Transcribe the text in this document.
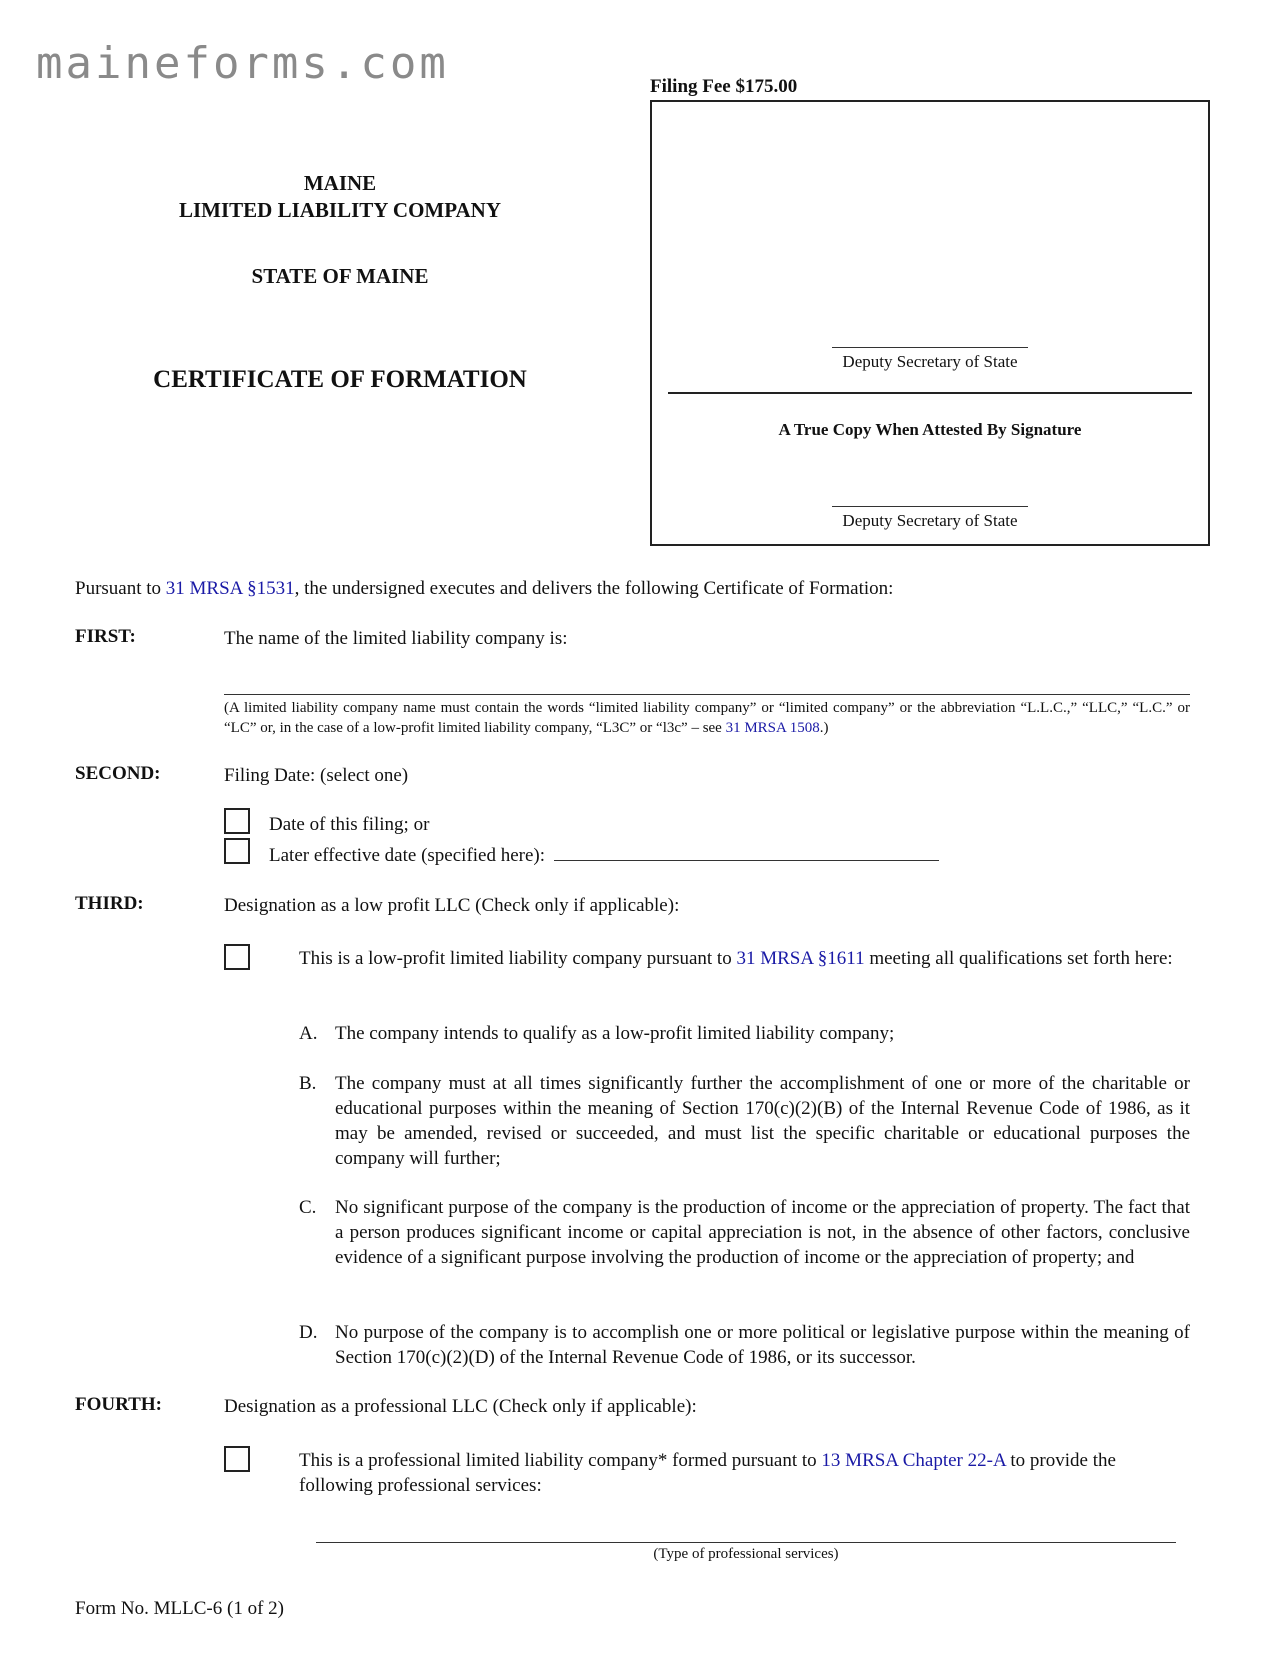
maineforms.com	Filing Fee $175.00
Deputy Secretary of State
A True Copy When Attested By Signature
Deputy Secretary of State
MAINE
LIMITED LIABILITY COMPANY
STATE OF MAINE
CERTIFICATE OF FORMATION
Pursuant to 31 MRSA §1531, the undersigned executes and delivers the following Certificate of Formation:
FIRST:	The name of the limited liability company is:
(A limited liability company name must contain the words “limited liability company” or “limited company” or the abbreviation “L.L.C.,” “LLC,” “L.C.” or “LC” or, in the case of a low-profit limited liability company, “L3C” or “l3c” – see 31 MRSA 1508.)
SECOND:	Filing Date: (select one)
Date of this filing; or
Later effective date (specified here):
THIRD:	Designation as a low profit LLC (Check only if applicable):
This is a low-profit limited liability company pursuant to 31 MRSA §1611 meeting all qualifications set forth here:
A. The company intends to qualify as a low-profit limited liability company;
B. The company must at all times significantly further the accomplishment of one or more of the charitable or educational purposes within the meaning of Section 170(c)(2)(B) of the Internal Revenue Code of 1986, as it may be amended, revised or succeeded, and must list the specific charitable or educational purposes the company will further;
C. No significant purpose of the company is the production of income or the appreciation of property. The fact that a person produces significant income or capital appreciation is not, in the absence of other factors, conclusive evidence of a significant purpose involving the production of income or the appreciation of property; and
D. No purpose of the company is to accomplish one or more political or legislative purpose within the meaning of Section 170(c)(2)(D) of the Internal Revenue Code of 1986, or its successor.
FOURTH:	Designation as a professional LLC (Check only if applicable):
This is a professional limited liability company* formed pursuant to 13 MRSA Chapter 22-A to provide the following professional services:
(Type of professional services)
Form No. MLLC-6 (1 of 2)
